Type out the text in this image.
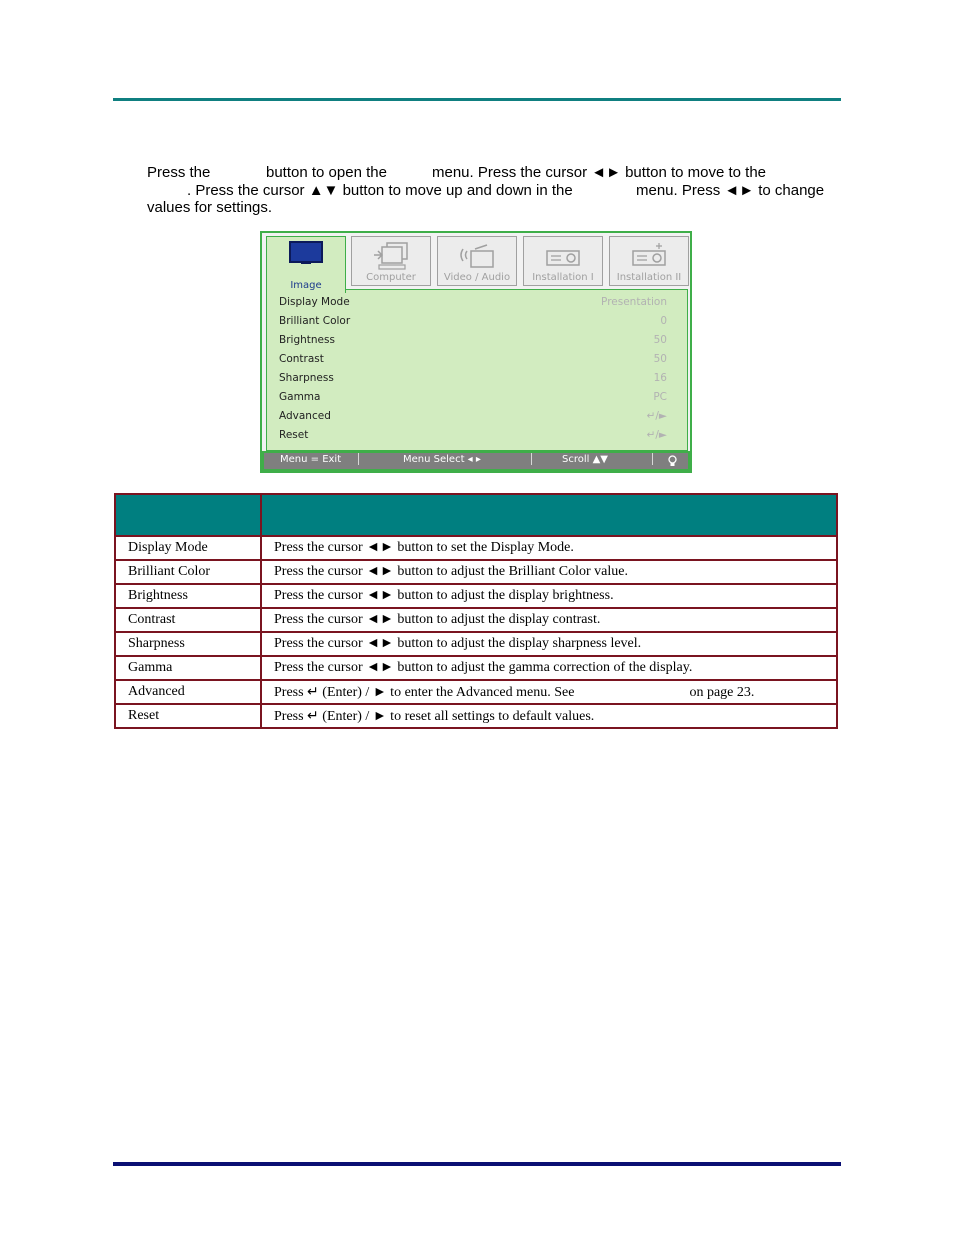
Press the	button to open the	menu. Press the cursor ◄► button to move to the
. Press the cursor ▲▼ button to move up and down in the	menu. Press ◄► to change
values for settings.
Image
Computer	Video / Audio	Installation I	Installation II
Display Mode	Presentation
Brilliant Color	0
Brightness	50
Contrast	50
Sharpness	16
Gamma	PC
Advanced	↵/►
Reset	↵/►
Menu = Exit	Menu Select ◂ ▸	Scroll ▲▼

Display Mode	Press the cursor ◄► button to set the Display Mode.
Brilliant Color	Press the cursor ◄► button to adjust the Brilliant Color value.
Brightness	Press the cursor ◄► button to adjust the display brightness.
Contrast	Press the cursor ◄► button to adjust the display contrast.
Sharpness	Press the cursor ◄► button to adjust the display sharpness level.
Gamma	Press the cursor ◄► button to adjust the gamma correction of the display.
Advanced	Press ↵ (Enter) / ► to enter the Advanced menu. See on page 23.
Reset	Press ↵ (Enter) / ► to reset all settings to default values.
